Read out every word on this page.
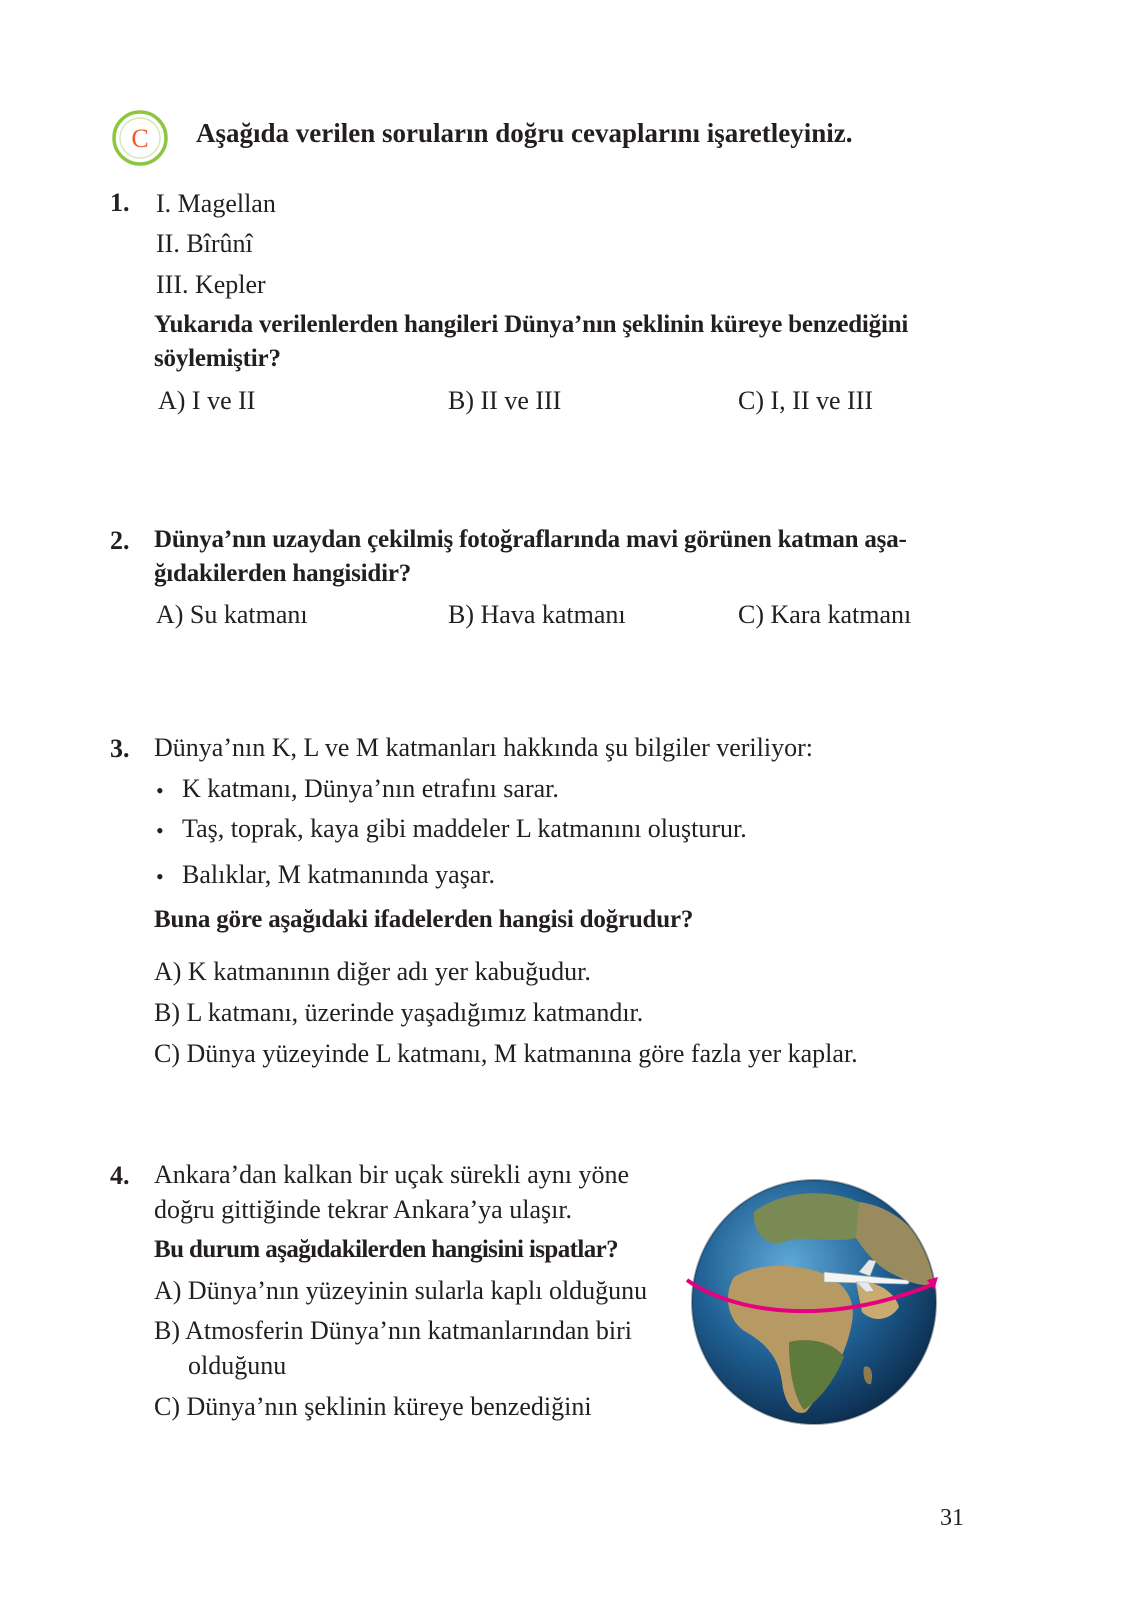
C Aşağıda verilen soruların doğru cevaplarını işaretleyiniz.
1. I. Magellan
II. Bîrûnî
III. Kepler
Yukarıda verilenlerden hangileri Dünya’nın şeklinin küreye benzediğini
söylemiştir?
A) I ve II	B) II ve III	C) I, II ve III
2. Dünya’nın uzaydan çekilmiş fotoğraflarında mavi görünen katman aşa-
ğıdakilerden hangisidir?
A) Su katmanı	B) Hava katmanı	C) Kara katmanı
3. Dünya’nın K, L ve M katmanları hakkında şu bilgiler veriliyor:
• K katmanı, Dünya’nın etrafını sarar.
• Taş, toprak, kaya gibi maddeler L katmanını oluşturur.
• Balıklar, M katmanında yaşar.
Buna göre aşağıdaki ifadelerden hangisi doğrudur?
A) K katmanının diğer adı yer kabuğudur.
B) L katmanı, üzerinde yaşadığımız katmandır.
C) Dünya yüzeyinde L katmanı, M katmanına göre fazla yer kaplar.
4. Ankara’dan kalkan bir uçak sürekli aynı yöne
doğru gittiğinde tekrar Ankara’ya ulaşır.
Bu durum aşağıdakilerden hangisini ispatlar?
A) Dünya’nın yüzeyinin sularla kaplı olduğunu
B) Atmosferin Dünya’nın katmanlarından biri
olduğunu
C) Dünya’nın şeklinin küreye benzediğini
31
